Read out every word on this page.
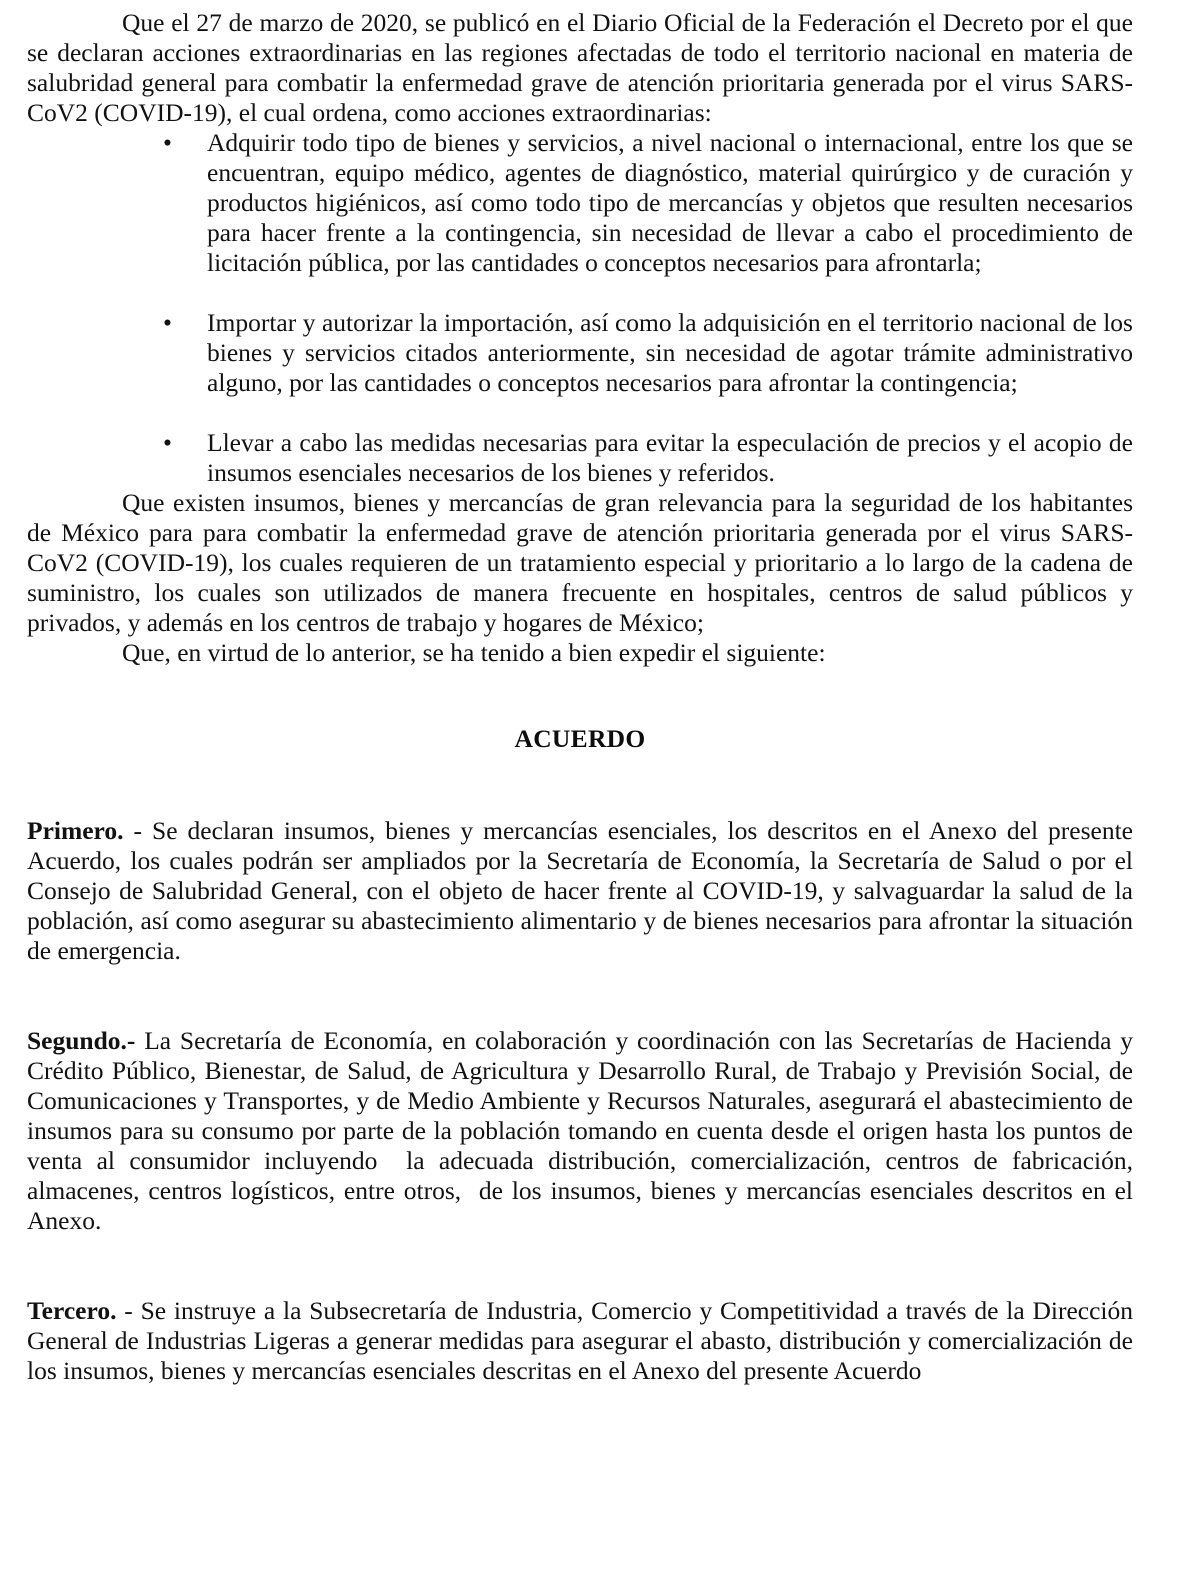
Que el 27 de marzo de 2020, se publicó en el Diario Oficial de la Federación el Decreto por el que se declaran acciones extraordinarias en las regiones afectadas de todo el territorio nacional en materia de salubridad general para combatir la enfermedad grave de atención prioritaria generada por el virus SARS-CoV2 (COVID-19), el cual ordena, como acciones extraordinarias:

•	Adquirir todo tipo de bienes y servicios, a nivel nacional o internacional, entre los que se encuentran, equipo médico, agentes de diagnóstico, material quirúrgico y de curación y productos higiénicos, así como todo tipo de mercancías y objetos que resulten necesarios para hacer frente a la contingencia, sin necesidad de llevar a cabo el procedimiento de licitación pública, por las cantidades o conceptos necesarios para afrontarla;
•	Importar y autorizar la importación, así como la adquisición en el territorio nacional de los bienes y servicios citados anteriormente, sin necesidad de agotar trámite administrativo alguno, por las cantidades o conceptos necesarios para afrontar la contingencia;
•	Llevar a cabo las medidas necesarias para evitar la especulación de precios y el acopio de insumos esenciales necesarios de los bienes y referidos.

Que existen insumos, bienes y mercancías de gran relevancia para la seguridad de los habitantes de México para para combatir la enfermedad grave de atención prioritaria generada por el virus SARS-CoV2 (COVID-19), los cuales requieren de un tratamiento especial y prioritario a lo largo de la cadena de suministro, los cuales son utilizados de manera frecuente en hospitales, centros de salud públicos y privados, y además en los centros de trabajo y hogares de México;

Que, en virtud de lo anterior, se ha tenido a bien expedir el siguiente:

ACUERDO

Primero. - Se declaran insumos, bienes y mercancías esenciales, los descritos en el Anexo del presente Acuerdo, los cuales podrán ser ampliados por la Secretaría de Economía, la Secretaría de Salud o por el Consejo de Salubridad General, con el objeto de hacer frente al COVID-19, y salvaguardar la salud de la población, así como asegurar su abastecimiento alimentario y de bienes necesarios para afrontar la situación de emergencia.

Segundo.- La Secretaría de Economía, en colaboración y coordinación con las Secretarías de Hacienda y Crédito Público, Bienestar, de Salud, de Agricultura y Desarrollo Rural, de Trabajo y Previsión Social, de Comunicaciones y Transportes, y de Medio Ambiente y Recursos Naturales, asegurará el abastecimiento de insumos para su consumo por parte de la población tomando en cuenta desde el origen hasta los puntos de venta al consumidor incluyendo  la adecuada distribución, comercialización, centros de fabricación, almacenes, centros logísticos, entre otros,  de los insumos, bienes y mercancías esenciales descritos en el Anexo.

Tercero. - Se instruye a la Subsecretaría de Industria, Comercio y Competitividad a través de la Dirección General de Industrias Ligeras a generar medidas para asegurar el abasto, distribución y comercialización de los insumos, bienes y mercancías esenciales descritas en el Anexo del presente Acuerdo
